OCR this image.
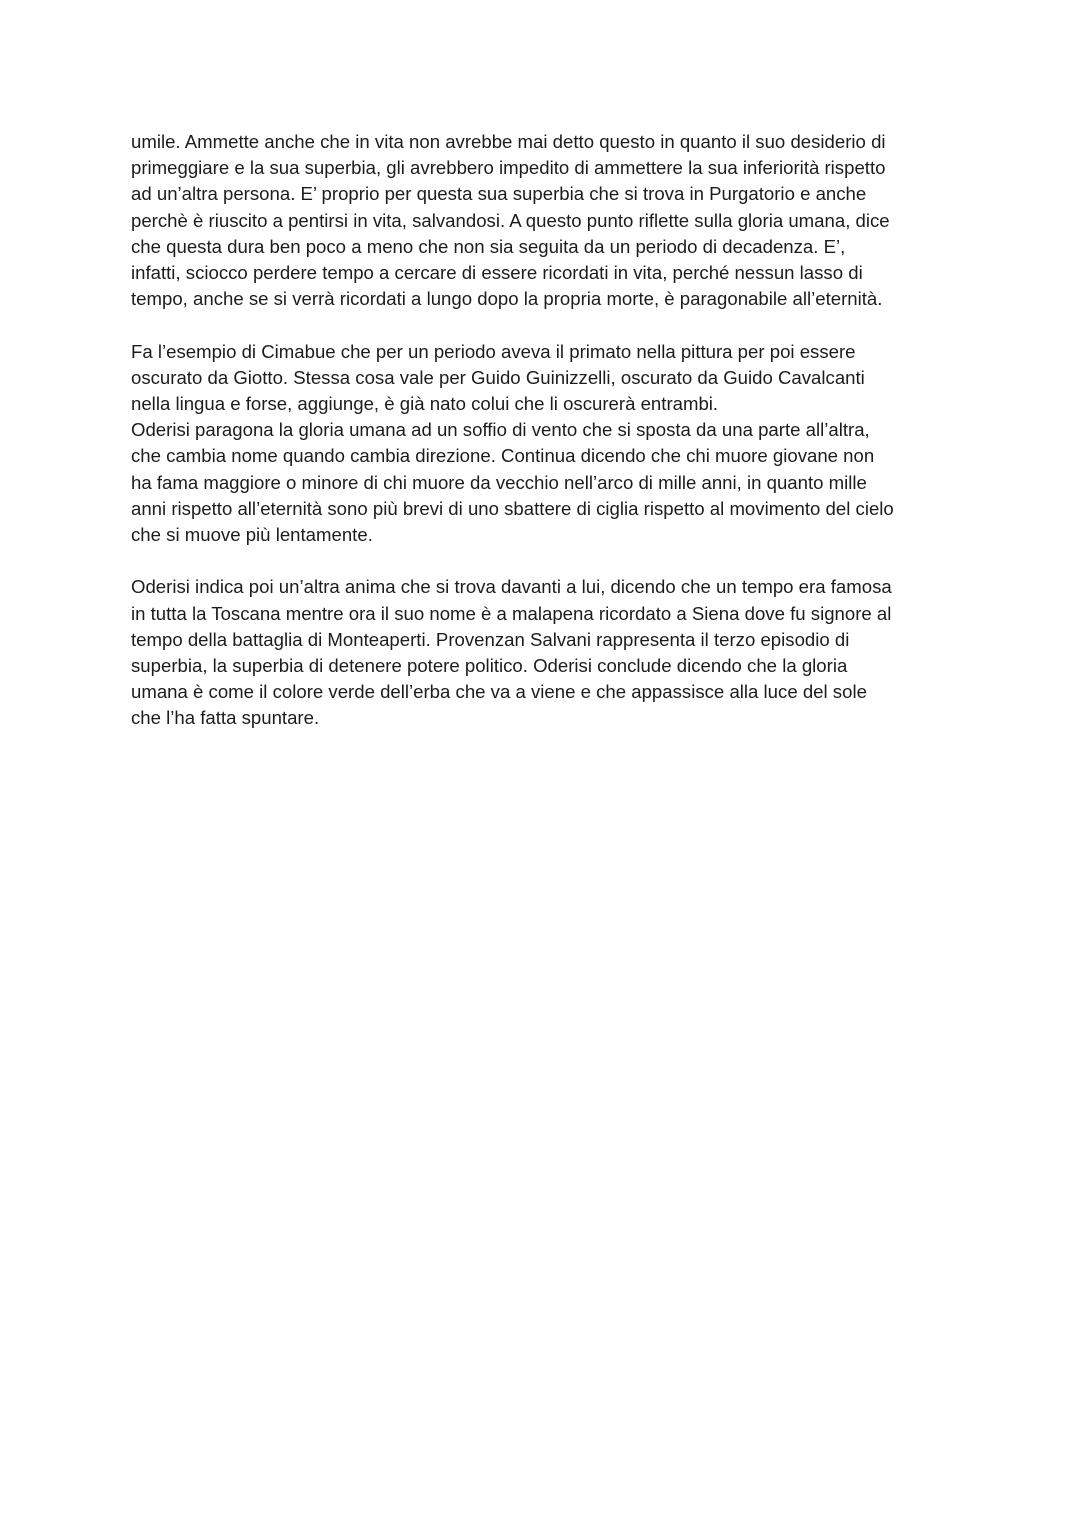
umile. Ammette anche che in vita non avrebbe mai detto questo in quanto il suo desiderio di
primeggiare e la sua superbia, gli avrebbero impedito di ammettere la sua inferiorità rispetto
ad un’altra persona. E’ proprio per questa sua superbia che si trova in Purgatorio e anche
perchè è riuscito a pentirsi in vita, salvandosi. A questo punto riflette sulla gloria umana, dice
che questa dura ben poco a meno che non sia seguita da un periodo di decadenza. E’,
infatti, sciocco perdere tempo a cercare di essere ricordati in vita, perché nessun lasso di
tempo, anche se si verrà ricordati a lungo dopo la propria morte, è paragonabile all’eternità.
Fa l’esempio di Cimabue che per un periodo aveva il primato nella pittura per poi essere
oscurato da Giotto. Stessa cosa vale per Guido Guinizzelli, oscurato da Guido Cavalcanti
nella lingua e forse, aggiunge, è già nato colui che li oscurerà entrambi.
Oderisi paragona la gloria umana ad un soffio di vento che si sposta da una parte all’altra,
che cambia nome quando cambia direzione. Continua dicendo che chi muore giovane non
ha fama maggiore o minore di chi muore da vecchio nell’arco di mille anni, in quanto mille
anni rispetto all’eternità sono più brevi di uno sbattere di ciglia rispetto al movimento del cielo
che si muove più lentamente.
Oderisi indica poi un’altra anima che si trova davanti a lui, dicendo che un tempo era famosa
in tutta la Toscana mentre ora il suo nome è a malapena ricordato a Siena dove fu signore al
tempo della battaglia di Monteaperti. Provenzan Salvani rappresenta il terzo episodio di
superbia, la superbia di detenere potere politico. Oderisi conclude dicendo che la gloria
umana è come il colore verde dell’erba che va a viene e che appassisce alla luce del sole
che l’ha fatta spuntare.
